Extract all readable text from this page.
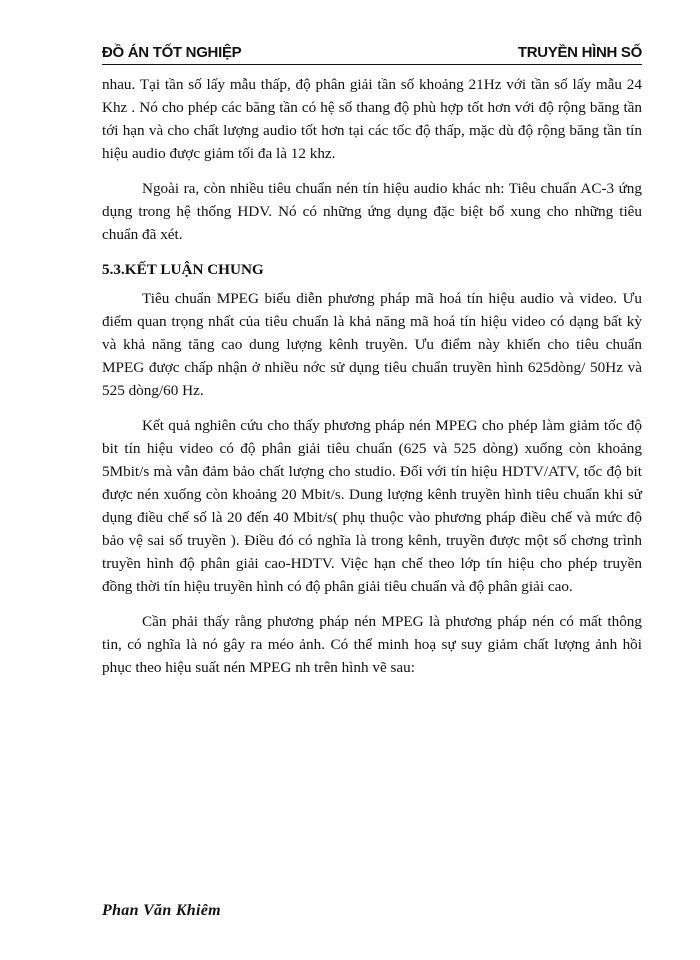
ĐỒ ÁN TỐT NGHIỆP	TRUYỀN HÌNH SỐ

nhau. Tại tần số lấy mẫu thấp, độ phân giải tần số khoảng 21Hz với tần số lấy mẫu 24 Khz . Nó cho phép các băng tần có hệ số thang độ phù hợp tốt hơn với độ rộng băng tần tới hạn và cho chất lượng audio tốt hơn tại các tốc độ thấp, mặc dù độ rộng băng tần tín hiệu audio được giảm tối đa là 12 khz.

Ngoài ra, còn nhiều tiêu chuẩn nén tín hiệu audio khác nh: Tiêu chuẩn AC-3 ứng dụng trong hệ thống HDV. Nó có những ứng dụng đặc biệt bổ xung cho những tiêu chuẩn đã xét.

5.3.KẾT LUẬN CHUNG

Tiêu chuẩn MPEG biểu diễn phương pháp mã hoá tín hiệu audio và video. Ưu điểm quan trọng nhất của tiêu chuẩn là khả năng mã hoá tín hiệu video có dạng bất kỳ và khả năng tăng cao dung lượng kênh truyền. Ưu điểm này khiến cho tiêu chuẩn MPEG được chấp nhận ở nhiều nớc sử dụng tiêu chuẩn truyền hình 625dòng/ 50Hz và 525 dòng/60 Hz.

Kết quả nghiên cứu cho thấy phương pháp nén MPEG cho phép làm giảm tốc độ bit tín hiệu video có độ phân giải tiêu chuẩn (625 và 525 dòng) xuống còn khoảng 5Mbit/s mà vẫn đảm bảo chất lượng cho studio. Đối với tín hiệu HDTV/ATV, tốc độ bit được nén xuống còn khoảng 20 Mbit/s. Dung lượng kênh truyền hình tiêu chuẩn khi sử dụng điều chế số là 20 đến 40 Mbit/s( phụ thuộc vào phương pháp điều chế và mức độ bảo vệ sai số truyền ). Điều đó có nghĩa là trong kênh, truyền được một số chơng trình truyền hình độ phân giải cao-HDTV. Việc hạn chế theo lớp tín hiệu cho phép truyền đồng thời tín hiệu truyền hình có độ phân giải tiêu chuẩn và độ phân giải cao.

Cần phải thấy rằng phương pháp nén MPEG là phương pháp nén có mất thông tin, có nghĩa là nó gây ra méo ảnh. Có thể minh hoạ sự suy giảm chất lượng ảnh hồi phục theo hiệu suất nén MPEG nh trên hình vẽ sau:

Phan Văn Khiêm
